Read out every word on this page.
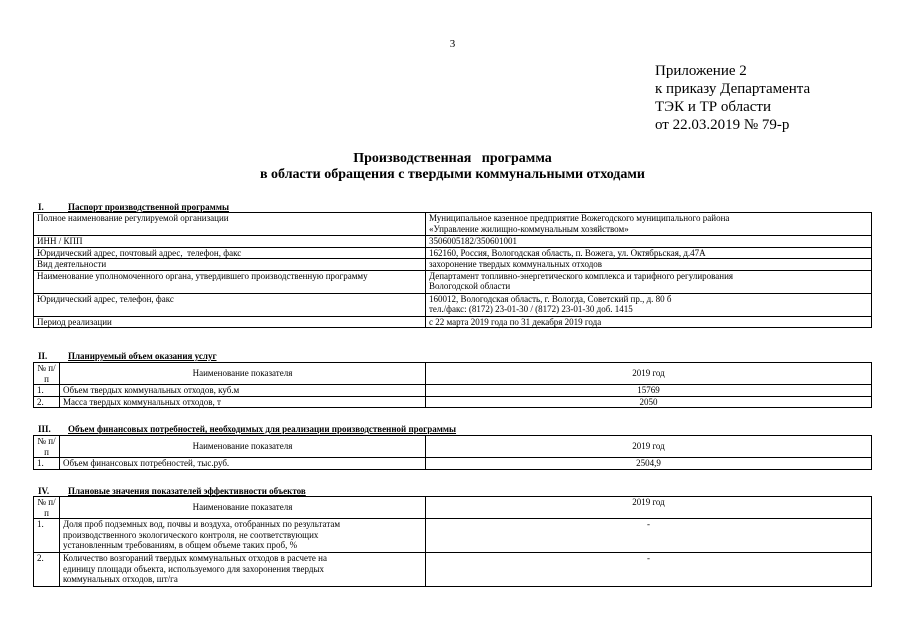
3
Приложение 2
к приказу Департамента
ТЭК и ТР области
от 22.03.2019 № 79-р
Производственная   программа
в области обращения с твердыми коммунальными отходами
I.	Паспорт производственной программы
Полное наименование регулируемой организации	Муниципальное казенное предприятие Вожегодского муниципального района
«Управление жилищно-коммунальным хозяйством»

ИНН / КПП	3506005182/350601001
Юридический адрес, почтовый адрес,  телефон, факс	162160, Россия, Вологодская область, п. Вожега, ул. Октябрьская, д.47А
Вид деятельности	захоронение твердых коммунальных отходов
Наименование уполномоченного органа, утвердившего производственную программу	Департамент топливно-энергетического комплекса и тарифного регулирования
Вологодской области

Юридический адрес, телефон, факс	160012, Вологодская область, г. Вологда, Советский пр., д. 80 б
тел./факс: (8172) 23-01-30 / (8172) 23-01-30 доб. 1415

Период реализации	с 22 марта 2019 года по 31 декабря 2019 года
II. Планируемый объем оказания услуг
№ п/п	Наименование показателя	2019 год
1.	Объем твердых коммунальных отходов, куб.м	15769
2.	Масса твердых коммунальных отходов, т	2050
III. Объем финансовых потребностей, необходимых для реализации производственной программы
№ п/п	Наименование показателя	2019 год
1.	Объем финансовых потребностей, тыс.руб.	2504,9
IV. Плановые значения показателей эффективности объектов
№ п/п	Наименование показателя	2019 год
1.	Доля проб подземных вод, почвы и воздуха, отобранных по результатам
производственного экологического контроля, не соответствующих
установленным требованиям, в общем объеме таких проб, %	-
2.	Количество возгораний твердых коммунальных отходов в расчете на
единицу площади объекта, используемого для захоронения твердых
коммунальных отходов, шт/га	-
